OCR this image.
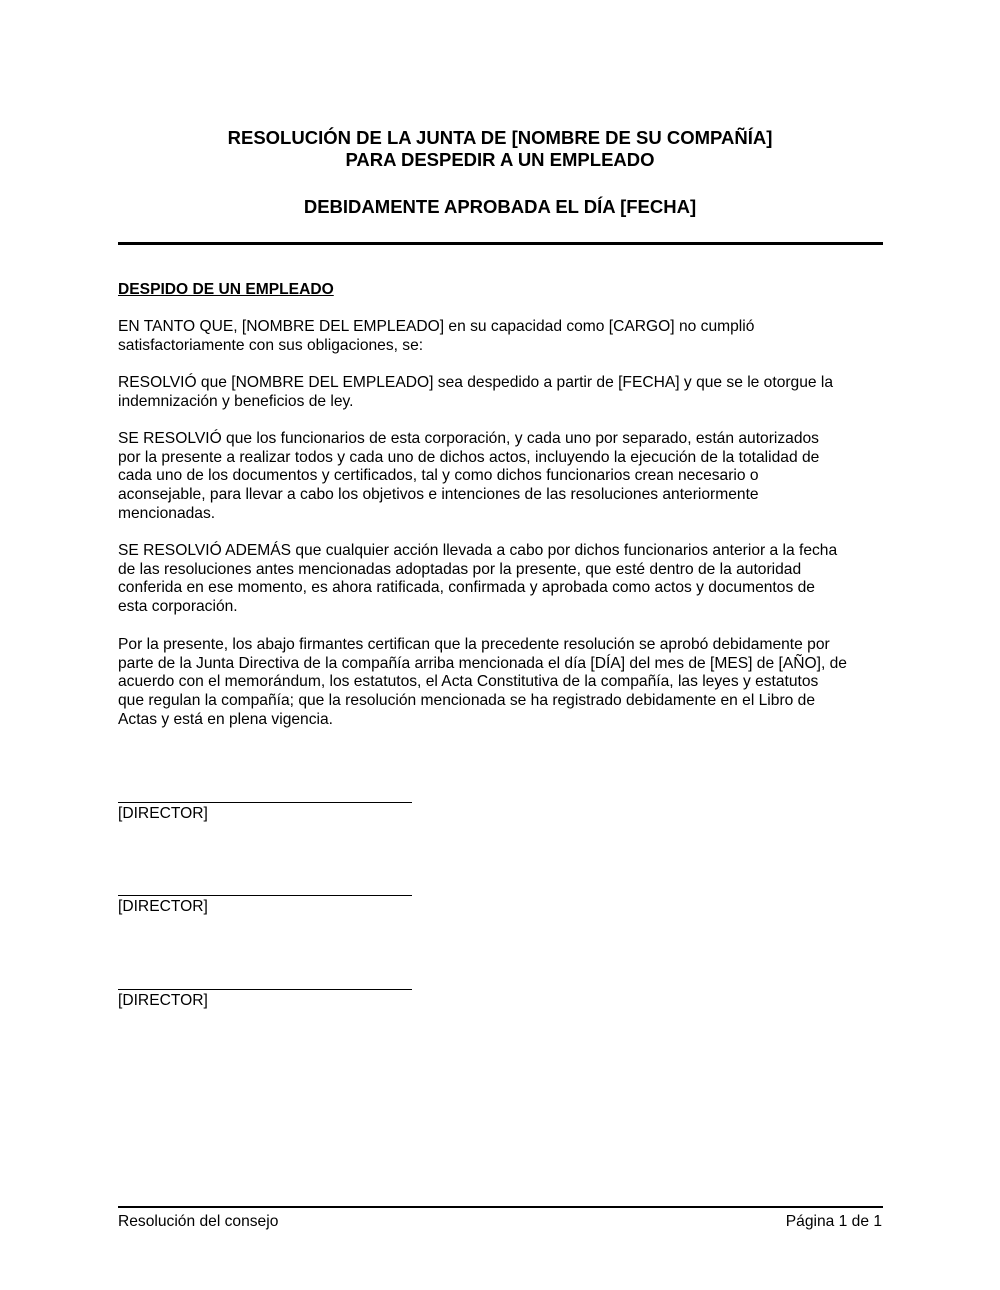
RESOLUCIÓN DE LA JUNTA DE [NOMBRE DE SU COMPAÑÍA]
PARA DESPEDIR A UN EMPLEADO
DEBIDAMENTE APROBADA EL DÍA [FECHA]
DESPIDO DE UN EMPLEADO
EN TANTO QUE, [NOMBRE DEL EMPLEADO] en su capacidad como [CARGO] no cumplió
satisfactoriamente con sus obligaciones, se:
RESOLVIÓ que [NOMBRE DEL EMPLEADO] sea despedido a partir de [FECHA] y que se le otorgue la
indemnización y beneficios de ley.
SE RESOLVIÓ que los funcionarios de esta corporación, y cada uno por separado, están autorizados
por la presente a realizar todos y cada uno de dichos actos, incluyendo la ejecución de la totalidad de
cada uno de los documentos y certificados, tal y como dichos funcionarios crean necesario o
aconsejable, para llevar a cabo los objetivos e intenciones de las resoluciones anteriormente
mencionadas.
SE RESOLVIÓ ADEMÁS que cualquier acción llevada a cabo por dichos funcionarios anterior a la fecha
de las resoluciones antes mencionadas adoptadas por la presente, que esté dentro de la autoridad
conferida en ese momento, es ahora ratificada, confirmada y aprobada como actos y documentos de
esta corporación.
Por la presente, los abajo firmantes certifican que la precedente resolución se aprobó debidamente por
parte de la Junta Directiva de la compañía arriba mencionada el día [DÍA] del mes de [MES] de [AÑO], de
acuerdo con el memorándum, los estatutos, el Acta Constitutiva de la compañía, las leyes y estatutos
que regulan la compañía; que la resolución mencionada se ha registrado debidamente en el Libro de
Actas y está en plena vigencia.
[DIRECTOR]
[DIRECTOR]
[DIRECTOR]
Resolución del consejo	Página 1 de 1
